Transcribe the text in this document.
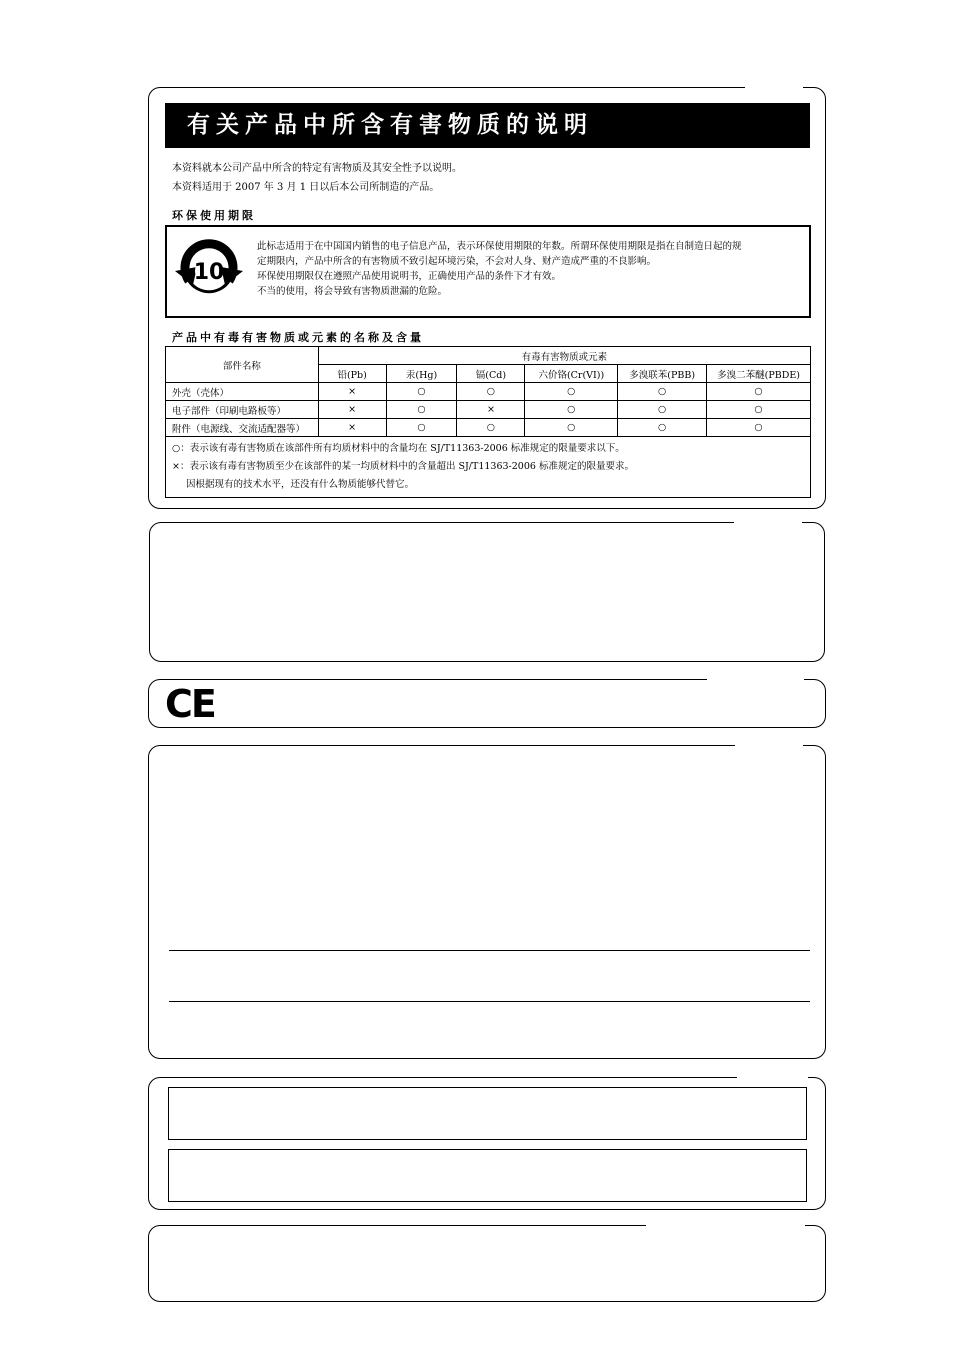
有关产品中所含有害物质的说明
本资料就本公司产品中所含的特定有害物质及其安全性予以说明。
本资料适用于 2007 年 3 月 1 日以后本公司所制造的产品。
环保使用期限
10
此标志适用于在中国国内销售的电子信息产品，表示环保使用期限的年数。所谓环保使用期限是指在自制造日起的规
定期限内，产品中所含的有害物质不致引起环境污染，不会对人身、财产造成严重的不良影响。
环保使用期限仅在遵照产品使用说明书，正确使用产品的条件下才有效。
不当的使用，将会导致有害物质泄漏的危险。
产品中有毒有害物质或元素的名称及含量
部件名称	有毒有害物质或元素					
	铅(Pb)	汞(Hg)	镉(Cd)	六价铬(Cr(VI))	多溴联苯(PBB)	多溴二苯醚(PBDE)
外壳（壳体）	×	○	○	○	○	○
电子部件（印刷电路板等）	×	○	×	○	○	○
附件（电源线、交流适配器等）	×	○	○	○	○	○

○：表示该有毒有害物质在该部件所有均质材料中的含量均在 SJ/T11363-2006 标准规定的限量要求以下。
×：表示该有毒有害物质至少在该部件的某一均质材料中的含量超出 SJ/T11363-2006 标准规定的限量要求。
因根据现有的技术水平，还没有什么物质能够代替它。						
CE
